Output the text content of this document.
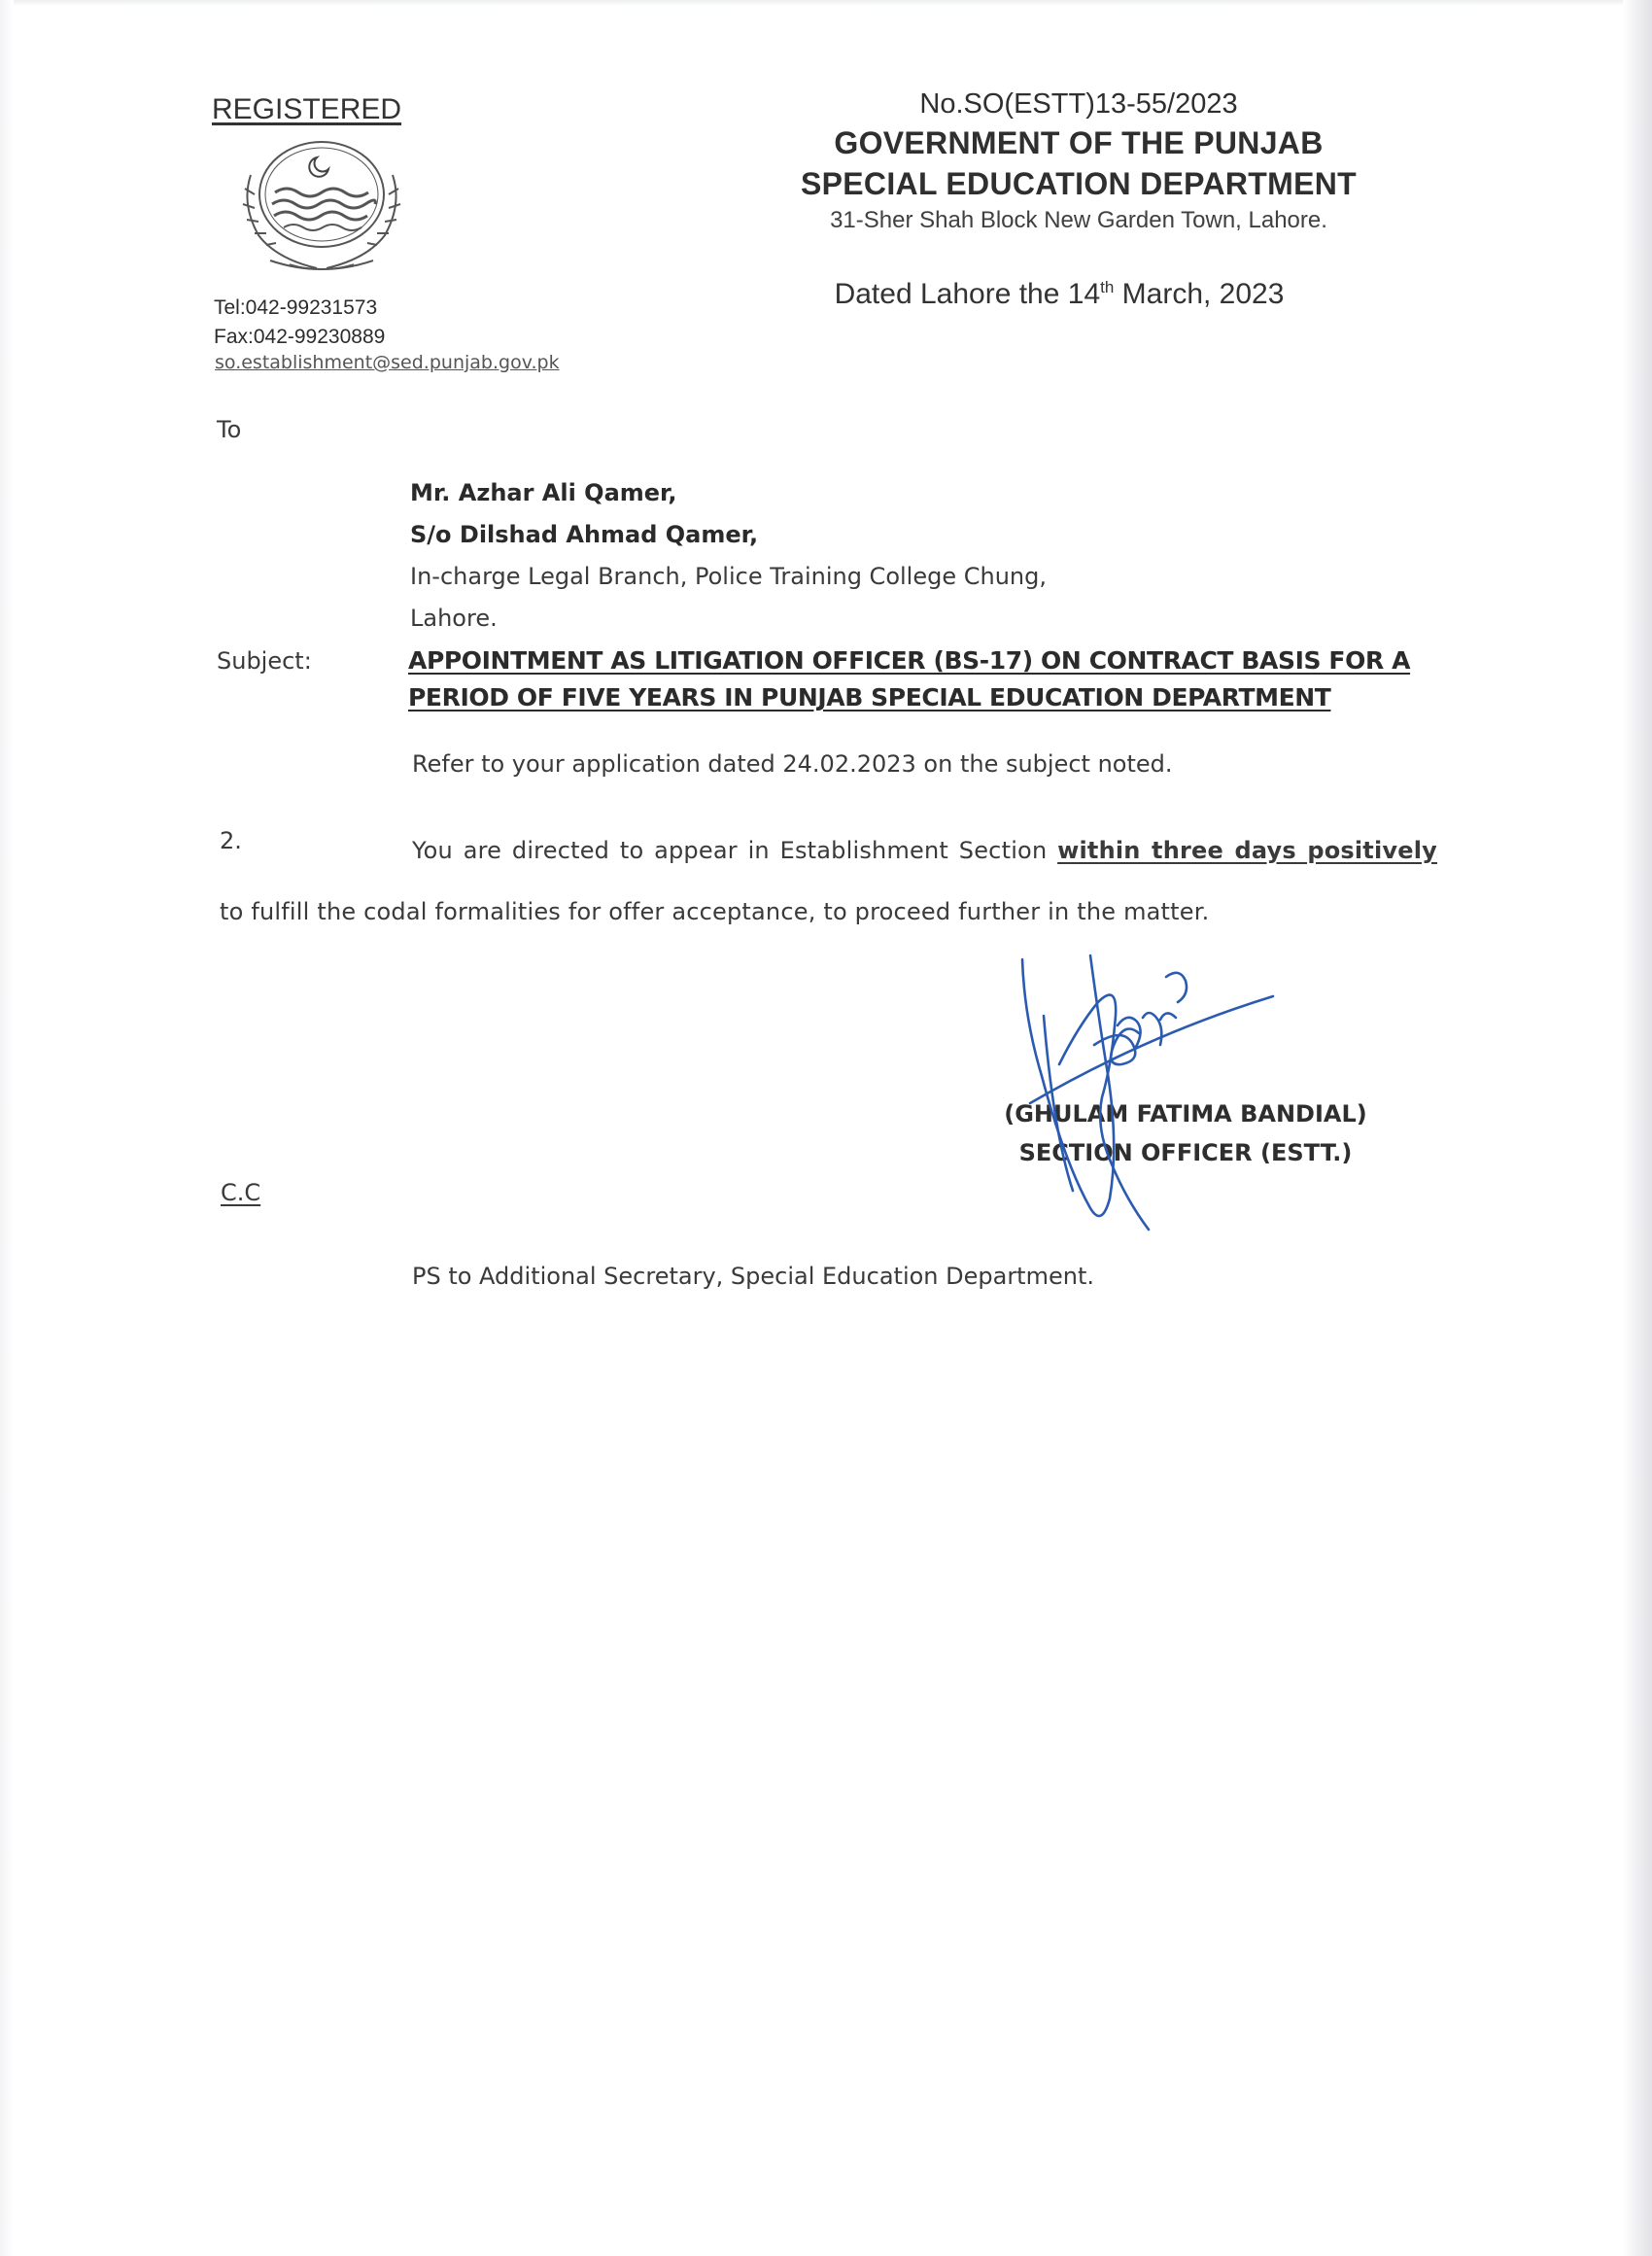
REGISTERED
Tel:042-99231573
Fax:042-99230889
so.establishment@sed.punjab.gov.pk
No.SO(ESTT)13-55/2023
GOVERNMENT OF THE PUNJAB
SPECIAL EDUCATION DEPARTMENT
31-Sher Shah Block New Garden Town, Lahore.
Dated Lahore the 14th March, 2023
To
Mr. Azhar Ali Qamer,
S/o Dilshad Ahmad Qamer,
In-charge Legal Branch, Police Training College Chung,
Lahore.
Subject:	APPOINTMENT AS LITIGATION OFFICER (BS-17) ON CONTRACT BASIS FOR A PERIOD OF FIVE YEARS IN PUNJAB SPECIAL EDUCATION DEPARTMENT
Refer to your application dated 24.02.2023 on the subject noted.
2.	You are directed to appear in Establishment Section within three days positively to fulfill the codal formalities for offer acceptance, to proceed further in the matter.
(GHULAM FATIMA BANDIAL)
SECTION OFFICER (ESTT.)
C.C
PS to Additional Secretary, Special Education Department.
